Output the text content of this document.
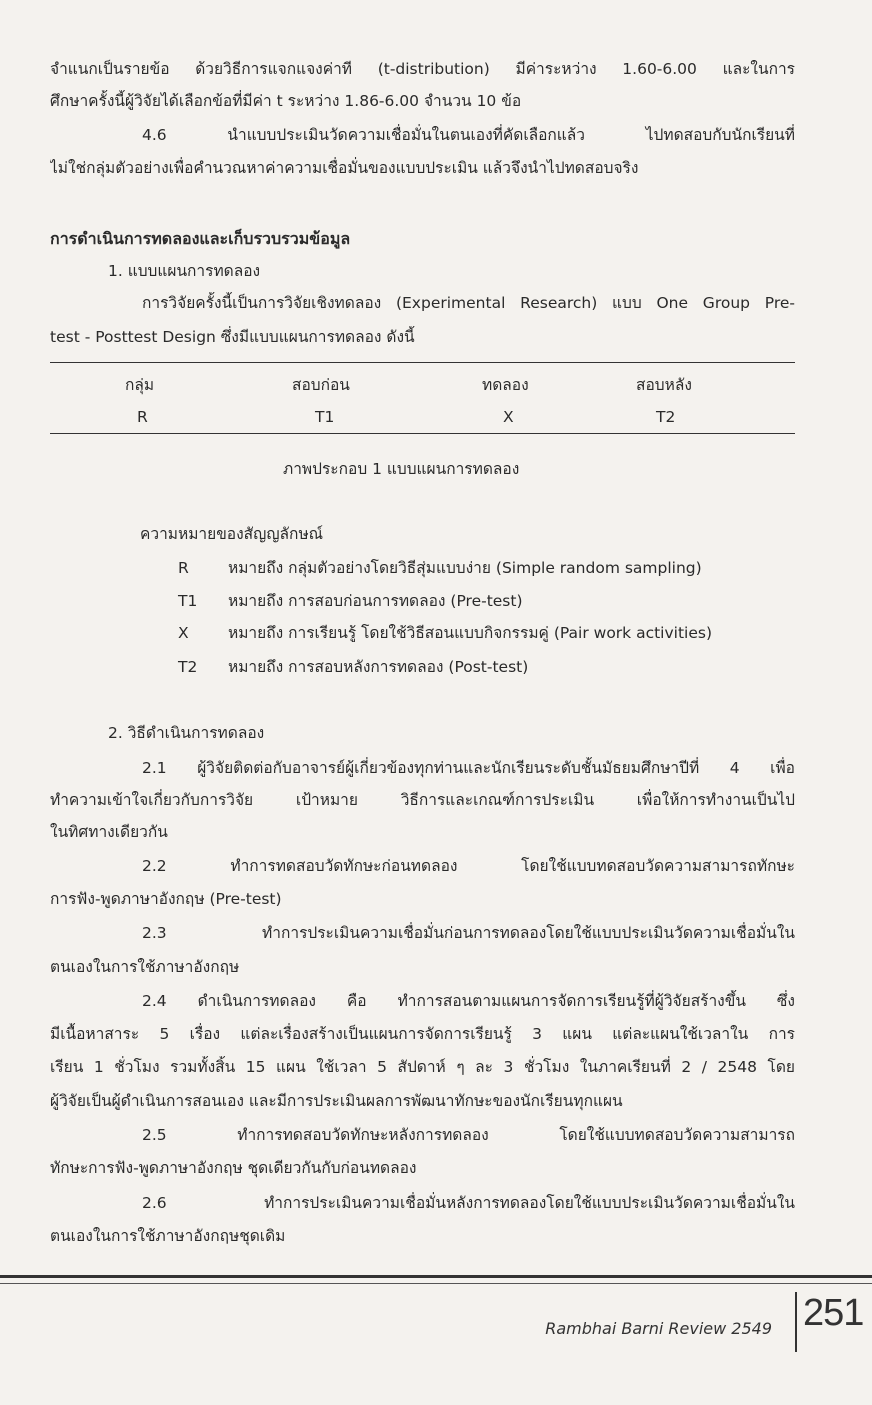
จำแนกเป็นรายข้อ ด้วยวิธีการแจกแจงค่าที (t-distribution) มีค่าระหว่าง 1.60-6.00 และในการ
ศึกษาครั้งนี้ผู้วิจัยได้เลือกข้อที่มีค่า t ระหว่าง 1.86-6.00 จำนวน 10 ข้อ
4.6 นำแบบประเมินวัดความเชื่อมั่นในตนเองที่คัดเลือกแล้ว ไปทดสอบกับนักเรียนที่
ไม่ใช่กลุ่มตัวอย่างเพื่อคำนวณหาค่าความเชื่อมั่นของแบบประเมิน แล้วจึงนำไปทดสอบจริง
การดำเนินการทดลองและเก็บรวบรวมข้อมูล
1. แบบแผนการทดลอง
การวิจัยครั้งนี้เป็นการวิจัยเชิงทดลอง (Experimental Research) แบบ One Group Pre-
test - Posttest Design ซึ่งมีแบบแผนการทดลอง ดังนี้
กลุ่ม	สอบก่อน	ทดลอง	สอบหลัง
R	T1	X	T2
ภาพประกอบ 1 แบบแผนการทดลอง
ความหมายของสัญญลักษณ์
R	หมายถึง กลุ่มตัวอย่างโดยวิธีสุ่มแบบง่าย (Simple random sampling)
T1 หมายถึง การสอบก่อนการทดลอง (Pre-test)
X	หมายถึง การเรียนรู้ โดยใช้วิธีสอนแบบกิจกรรมคู่ (Pair work activities)
T2 หมายถึง การสอบหลังการทดลอง (Post-test)
2. วิธีดำเนินการทดลอง
2.1 ผู้วิจัยติดต่อกับอาจารย์ผู้เกี่ยวข้องทุกท่านและนักเรียนระดับชั้นมัธยมศึกษาปีที่ 4 เพื่อ
ทำความเข้าใจเกี่ยวกับการวิจัย เป้าหมาย วิธีการและเกณฑ์การประเมิน เพื่อให้การทำงานเป็นไป
ในทิศทางเดียวกัน
2.2 ทำการทดสอบวัดทักษะก่อนทดลอง โดยใช้แบบทดสอบวัดความสามารถทักษะ
การฟัง-พูดภาษาอังกฤษ (Pre-test)
2.3 ทำการประเมินความเชื่อมั่นก่อนการทดลองโดยใช้แบบประเมินวัดความเชื่อมั่นใน
ตนเองในการใช้ภาษาอังกฤษ
2.4 ดำเนินการทดลอง คือ ทำการสอนตามแผนการจัดการเรียนรู้ที่ผู้วิจัยสร้างขึ้น ซึ่ง
มีเนื้อหาสาระ 5 เรื่อง แต่ละเรื่องสร้างเป็นแผนการจัดการเรียนรู้ 3 แผน แต่ละแผนใช้เวลาใน การ
เรียน 1 ชั่วโมง รวมทั้งสิ้น 15 แผน ใช้เวลา 5 สัปดาห์ ๆ ละ 3 ชั่วโมง ในภาคเรียนที่ 2 / 2548 โดย
ผู้วิจัยเป็นผู้ดำเนินการสอนเอง และมีการประเมินผลการพัฒนาทักษะของนักเรียนทุกแผน
2.5 ทำการทดสอบวัดทักษะหลังการทดลอง โดยใช้แบบทดสอบวัดความสามารถ
ทักษะการฟัง-พูดภาษาอังกฤษ ชุดเดียวกันกับก่อนทดลอง
2.6 ทำการประเมินความเชื่อมั่นหลังการทดลองโดยใช้แบบประเมินวัดความเชื่อมั่นใน
ตนเองในการใช้ภาษาอังกฤษชุดเดิม
Rambhai Barni Review 2549 251
